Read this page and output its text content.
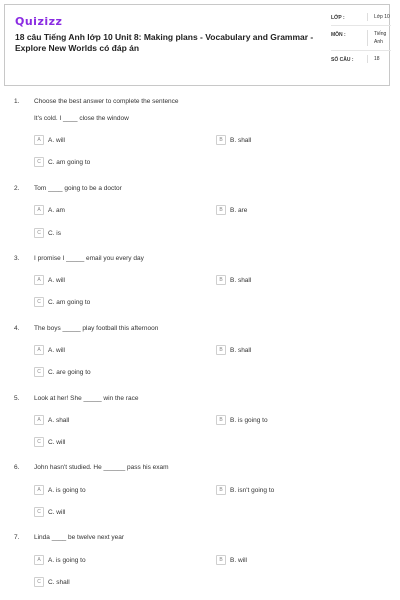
Quizizz
18 câu Tiếng Anh lớp 10 Unit 8: Making plans - Vocabulary and Grammar - Explore New Worlds có đáp án
LỚP :	Lớp 10
MÔN :	Tiếng Anh
SỐ CÂU :	18
1.	Choose the best answer to complete the sentence
It's cold. I ____ close the window
A	A. will	B	B. shall
C	C. am going to
2.	Tom ____ going to be a doctor
A	A. am	B	B. are
C	C. is
3.	I promise I _____ email you every day
A	A. will	B	B. shall
C	C. am going to
4.	The boys _____ play football this afternoon
A	A. will	B	B. shall
C	C. are going to
5.	Look at her! She _____ win the race
A	A. shall	B	B. is going to
C	C. will
6.	John hasn't studied. He ______ pass his exam
A	A. is going to	B	B. isn't going to
C	C. will
7.	Linda ____ be twelve next year
A	A. is going to	B	B. will
C	C. shall
